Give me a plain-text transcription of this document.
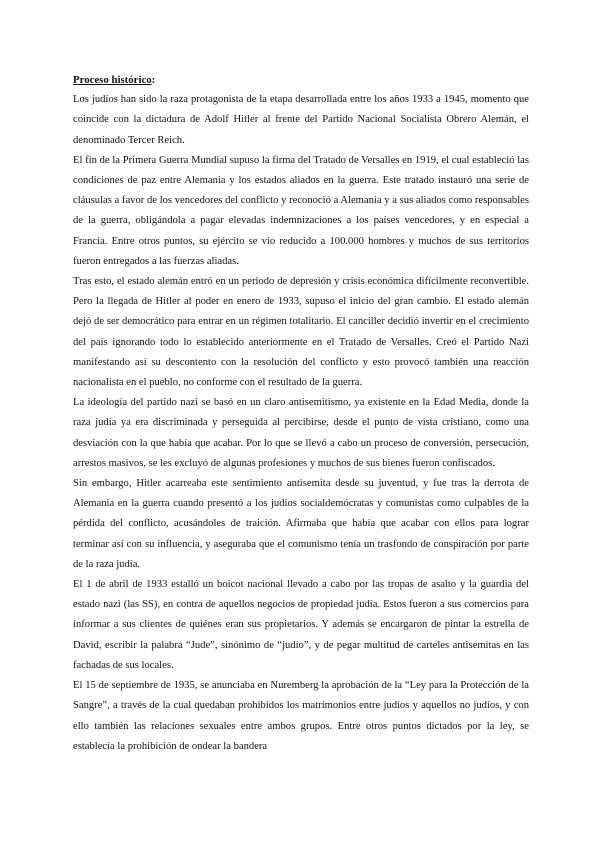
Proceso histórico:

Los judíos han sido la raza protagonista de la etapa desarrollada entre los años 1933 a 1945, momento que coincide con la dictadura de Adolf Hitler al frente del Partido Nacional Socialista Obrero Alemán, el denominado Tercer Reich.

El fin de la Primera Guerra Mundial supuso la firma del Tratado de Versalles en 1919, el cual estableció las condiciones de paz entre Alemania y los estados aliados en la guerra. Este tratado instauró una serie de cláusulas a favor de los vencedores del conflicto y reconoció a Alemania y a sus aliados como responsables de la guerra, obligándola a pagar elevadas indemnizaciones a los países vencedores, y en especial a Francia. Entre otros puntos, su ejército se vio reducido a 100.000 hombres y muchos de sus territorios fueron entregados a las fuerzas aliadas.

Tras esto, el estado alemán entró en un periodo de depresión y crisis económica difícilmente reconvertible. Pero la llegada de Hitler al poder en enero de 1933, supuso el inicio del gran cambio. El estado alemán dejó de ser democrático para entrar en un régimen totalitario. El canciller decidió invertir en el crecimiento del país ignorando todo lo establecido anteriormente en el Tratado de Versalles. Creó el Partido Nazi manifestando así su descontento con la resolución del conflicto y esto provocó también una reacción nacionalista en el pueblo, no conforme con el resultado de la guerra.

La ideología del partido nazi se basó en un claro antisemitismo, ya existente en la Edad Media, donde la raza judía ya era discriminada y perseguida al percibirse, desde el punto de vista cristiano, como una desviación con la que había que acabar. Por lo que se llevó a cabo un proceso de conversión, persecución, arrestos masivos, se les excluyó de algunas profesiones y muchos de sus bienes fueron confiscados.

Sin embargo, Hitler acarreaba este sentimiento antisemita desde su juventud, y fue tras la derrota de Alemania en la guerra cuando presentó a los judíos socialdemócratas y comunistas como culpables de la pérdida del conflicto, acusándoles de traición. Afirmaba que había que acabar con ellos para lograr terminar así con su influencia, y aseguraba que el comunismo tenía un trasfondo de conspiración por parte de la raza judía.

El 1 de abril de 1933 estalló un boicot nacional llevado a cabo por las tropas de asalto y la guardia del estado nazi (las SS), en contra de aquellos negocios de propiedad judía. Estos fueron a sus comercios para informar a sus clientes de quiénes eran sus propietarios. Y además se encargaron de pintar la estrella de David, escribir la palabra “Jude”, sinónimo de “judío”, y de pegar multitud de carteles antisemitas en las fachadas de sus locales.

El 15 de septiembre de 1935, se anunciaba en Nuremberg la aprobación de la “Ley para la Protección de la Sangre”, a través de la cual quedaban prohibidos los matrimonios entre judíos y aquellos no judíos, y con ello también las relaciones sexuales entre ambos grupos. Entre otros puntos dictados por la ley, se establecía la prohibición de ondear la bandera
